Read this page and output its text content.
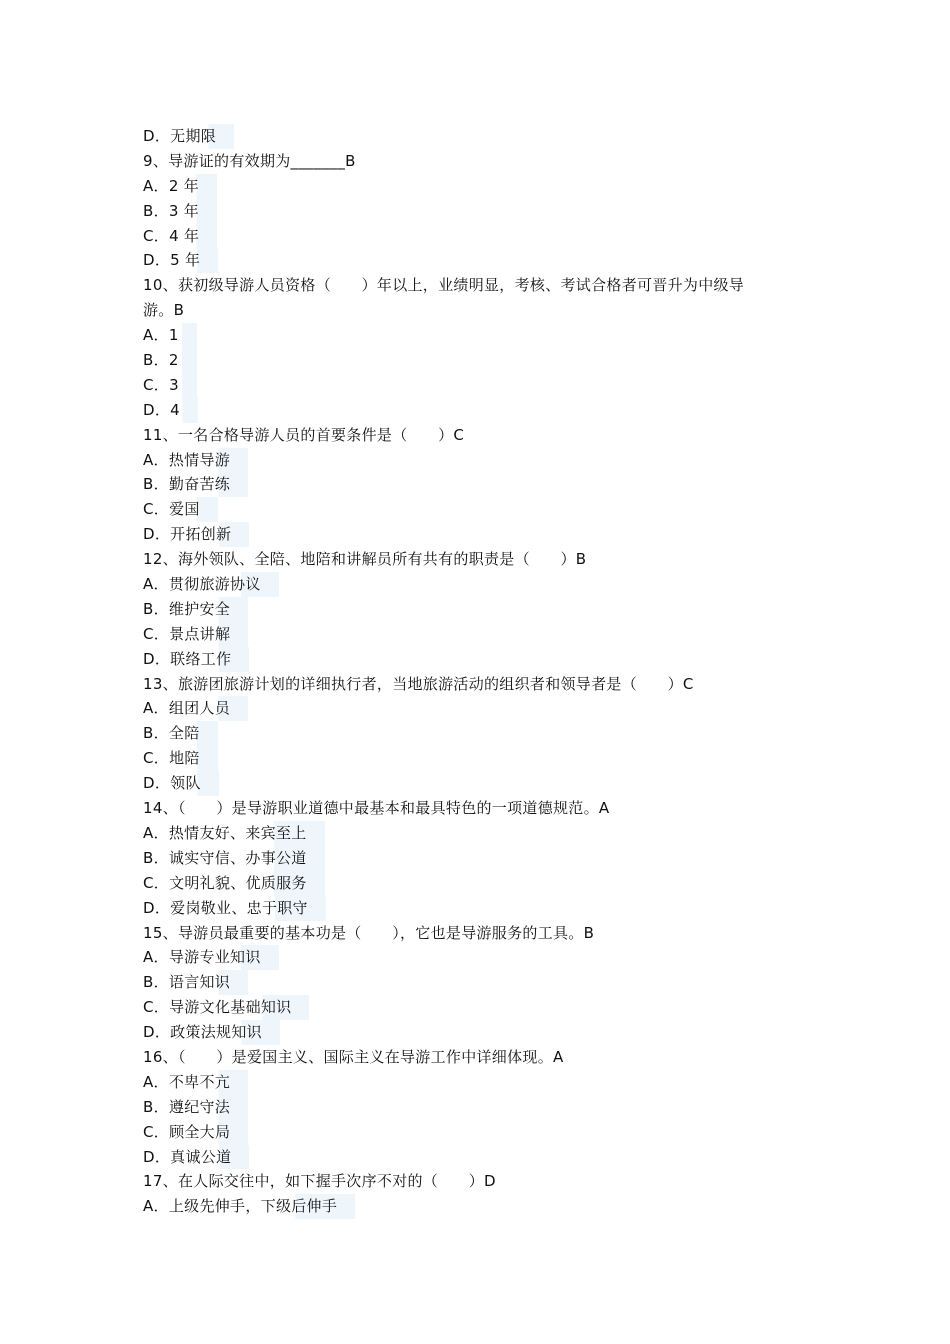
D．无期限
9、导游证的有效期为_______B
A．2 年
B．3 年
C．4 年
D．5 年
10、获初级导游人员资格（　　）年以上，业绩明显，考核、考试合格者可晋升为中级导
游。B
A．1
B．2
C．3
D．4
11、一名合格导游人员的首要条件是（　　）C
A．热情导游
B．勤奋苦练
C．爱国
D．开拓创新
12、海外领队、全陪、地陪和讲解员所有共有的职责是（　　）B
A．贯彻旅游协议
B．维护安全
C．景点讲解
D．联络工作
13、旅游团旅游计划的详细执行者，当地旅游活动的组织者和领导者是（　　）C
A．组团人员
B．全陪
C．地陪
D．领队
14、（　　）是导游职业道德中最基本和最具特色的一项道德规范。A
A．热情友好、来宾至上
B．诚实守信、办事公道
C．文明礼貌、优质服务
D．爱岗敬业、忠于职守
15、导游员最重要的基本功是（　　），它也是导游服务的工具。B
A．导游专业知识
B．语言知识
C．导游文化基础知识
D．政策法规知识
16、（　　）是爱国主义、国际主义在导游工作中详细体现。A
A．不卑不亢
B．遵纪守法
C．顾全大局
D．真诚公道
17、在人际交往中，如下握手次序不对的（　　）D
A．上级先伸手，下级后伸手
